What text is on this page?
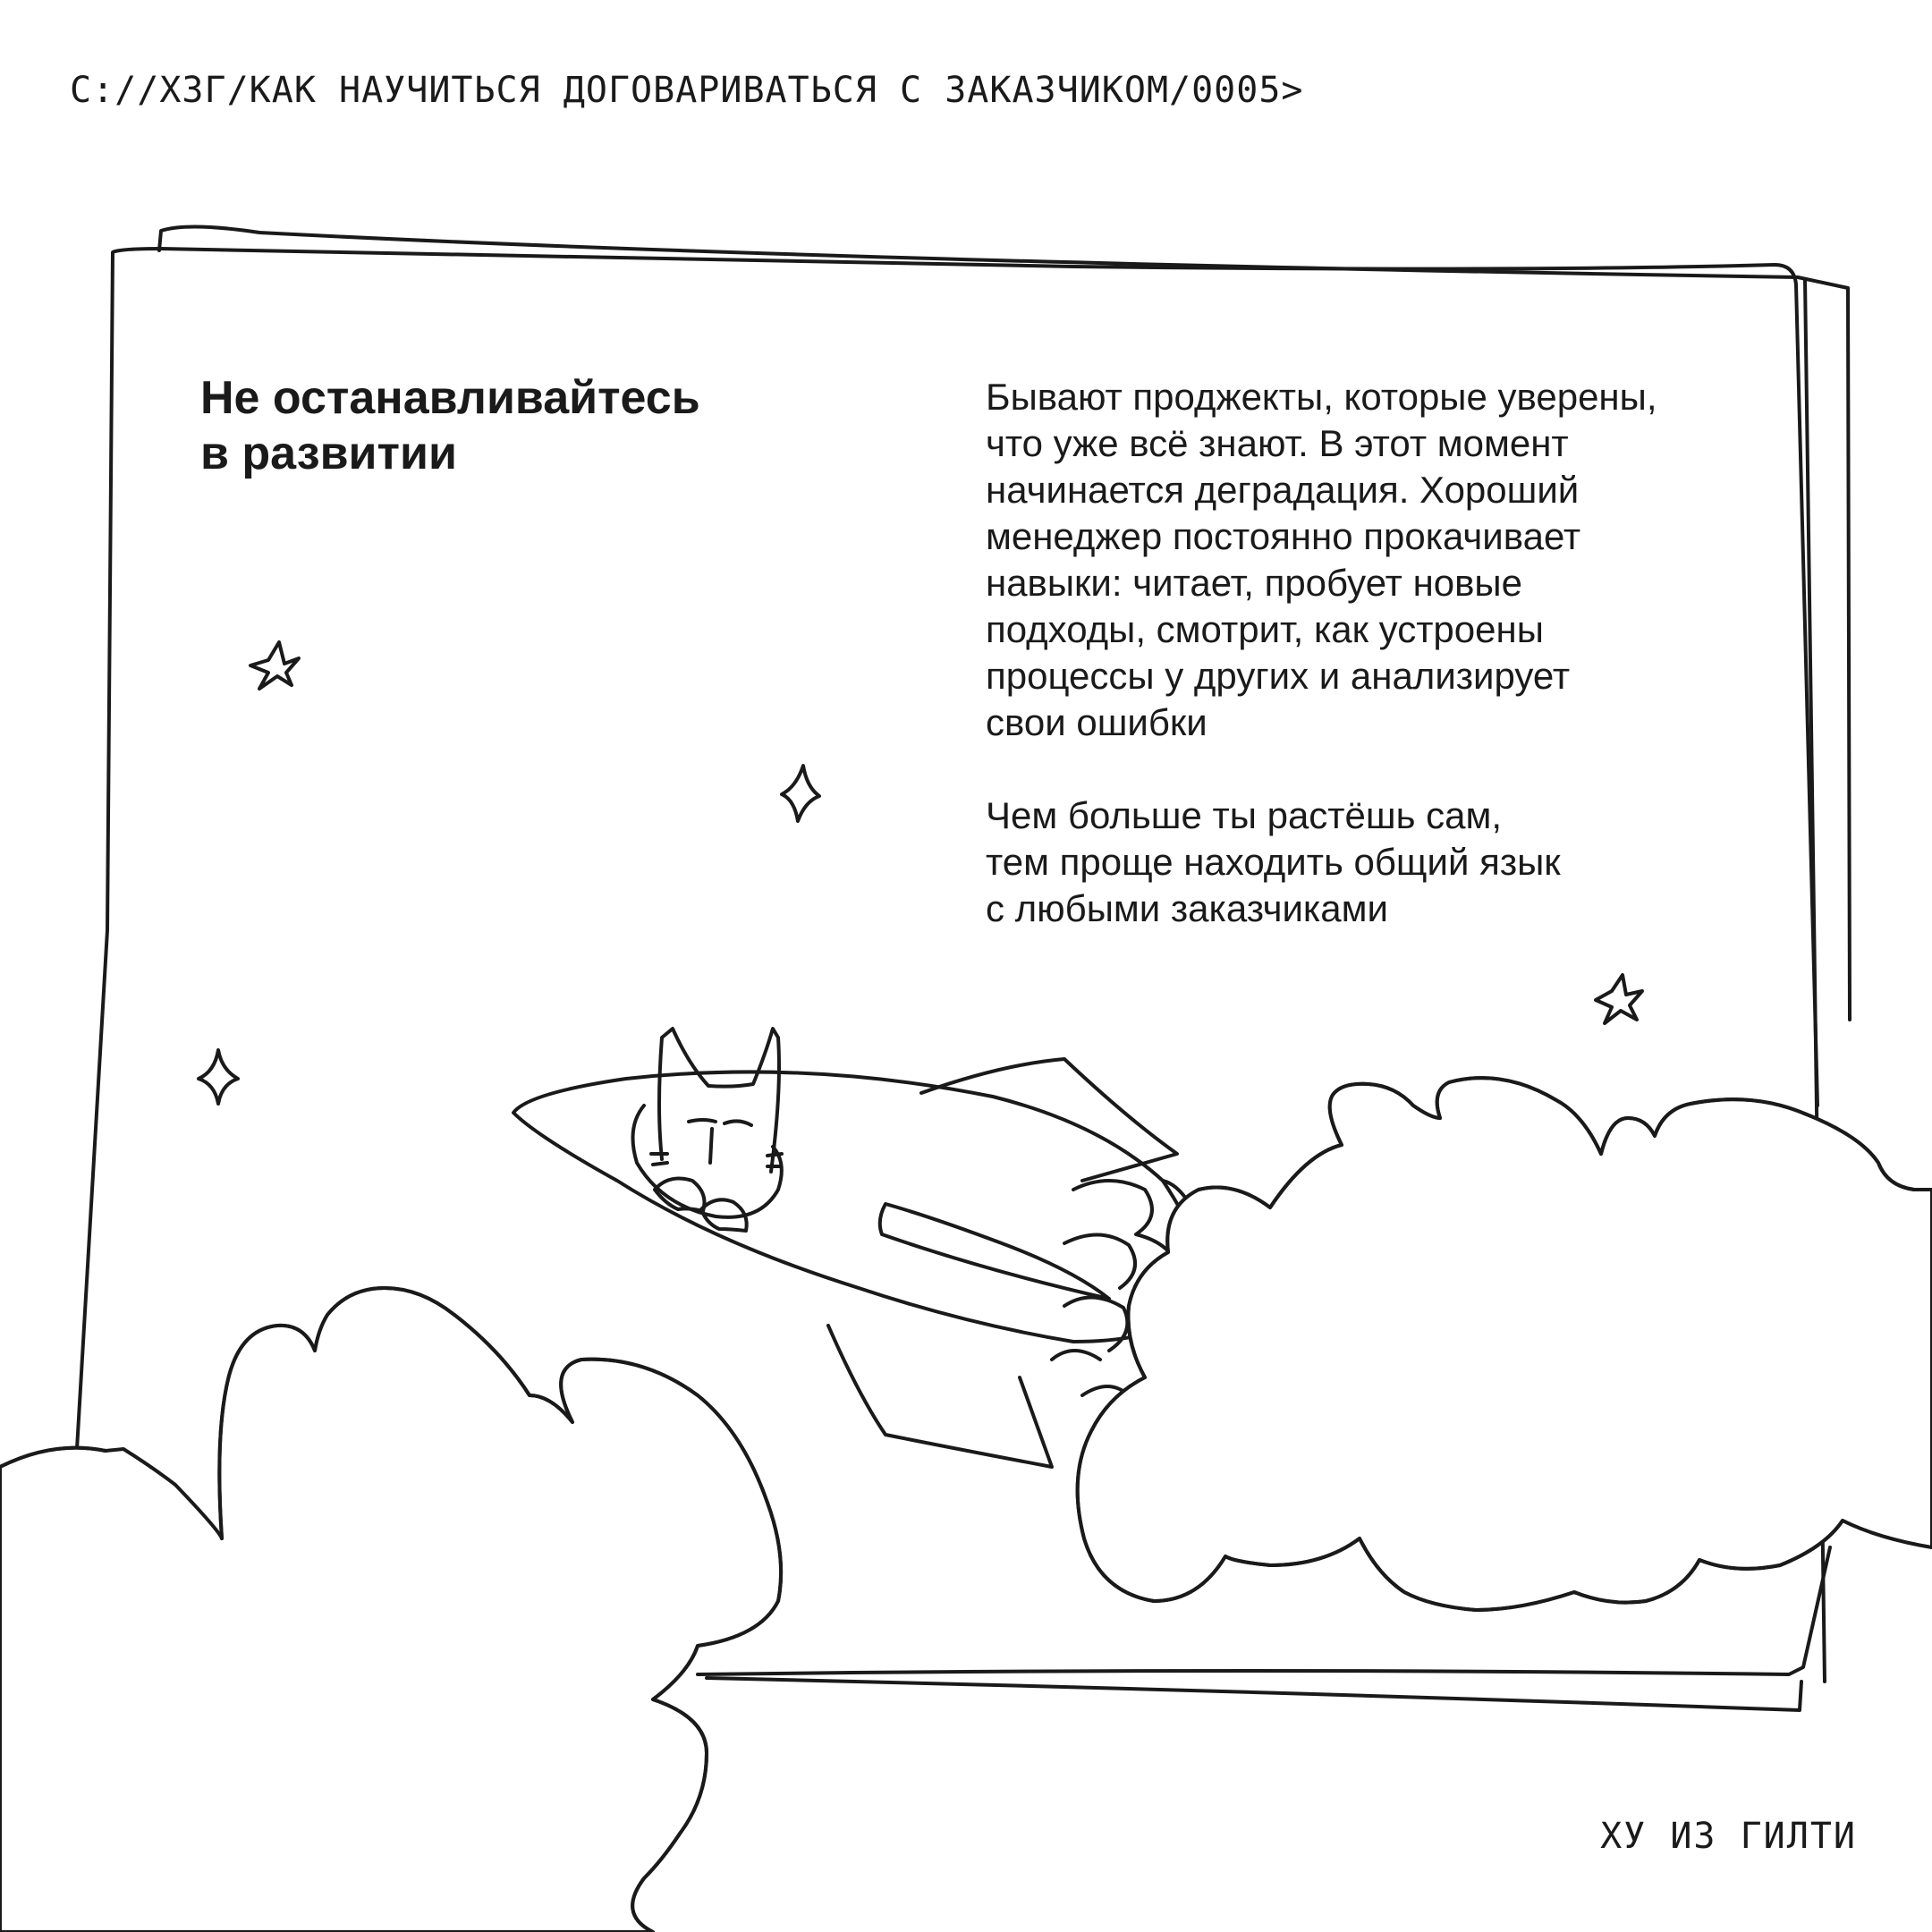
C://ХЗГ/КАК НАУЧИТЬСЯ ДОГОВАРИВАТЬСЯ С ЗАКАЗЧИКОМ/0005>
Не останавливайтесь
в развитии
Бывают проджекты, которые уверены,
что уже всё знают. В этот момент
начинается деградация. Хороший
менеджер постоянно прокачивает
навыки: читает, пробует новые
подходы, смотрит, как устроены
процессы у других и анализирует
свои ошибки
Чем больше ты растёшь сам,
тем проще находить общий язык
с любыми заказчиками
ХУ ИЗ ГИЛТИ
